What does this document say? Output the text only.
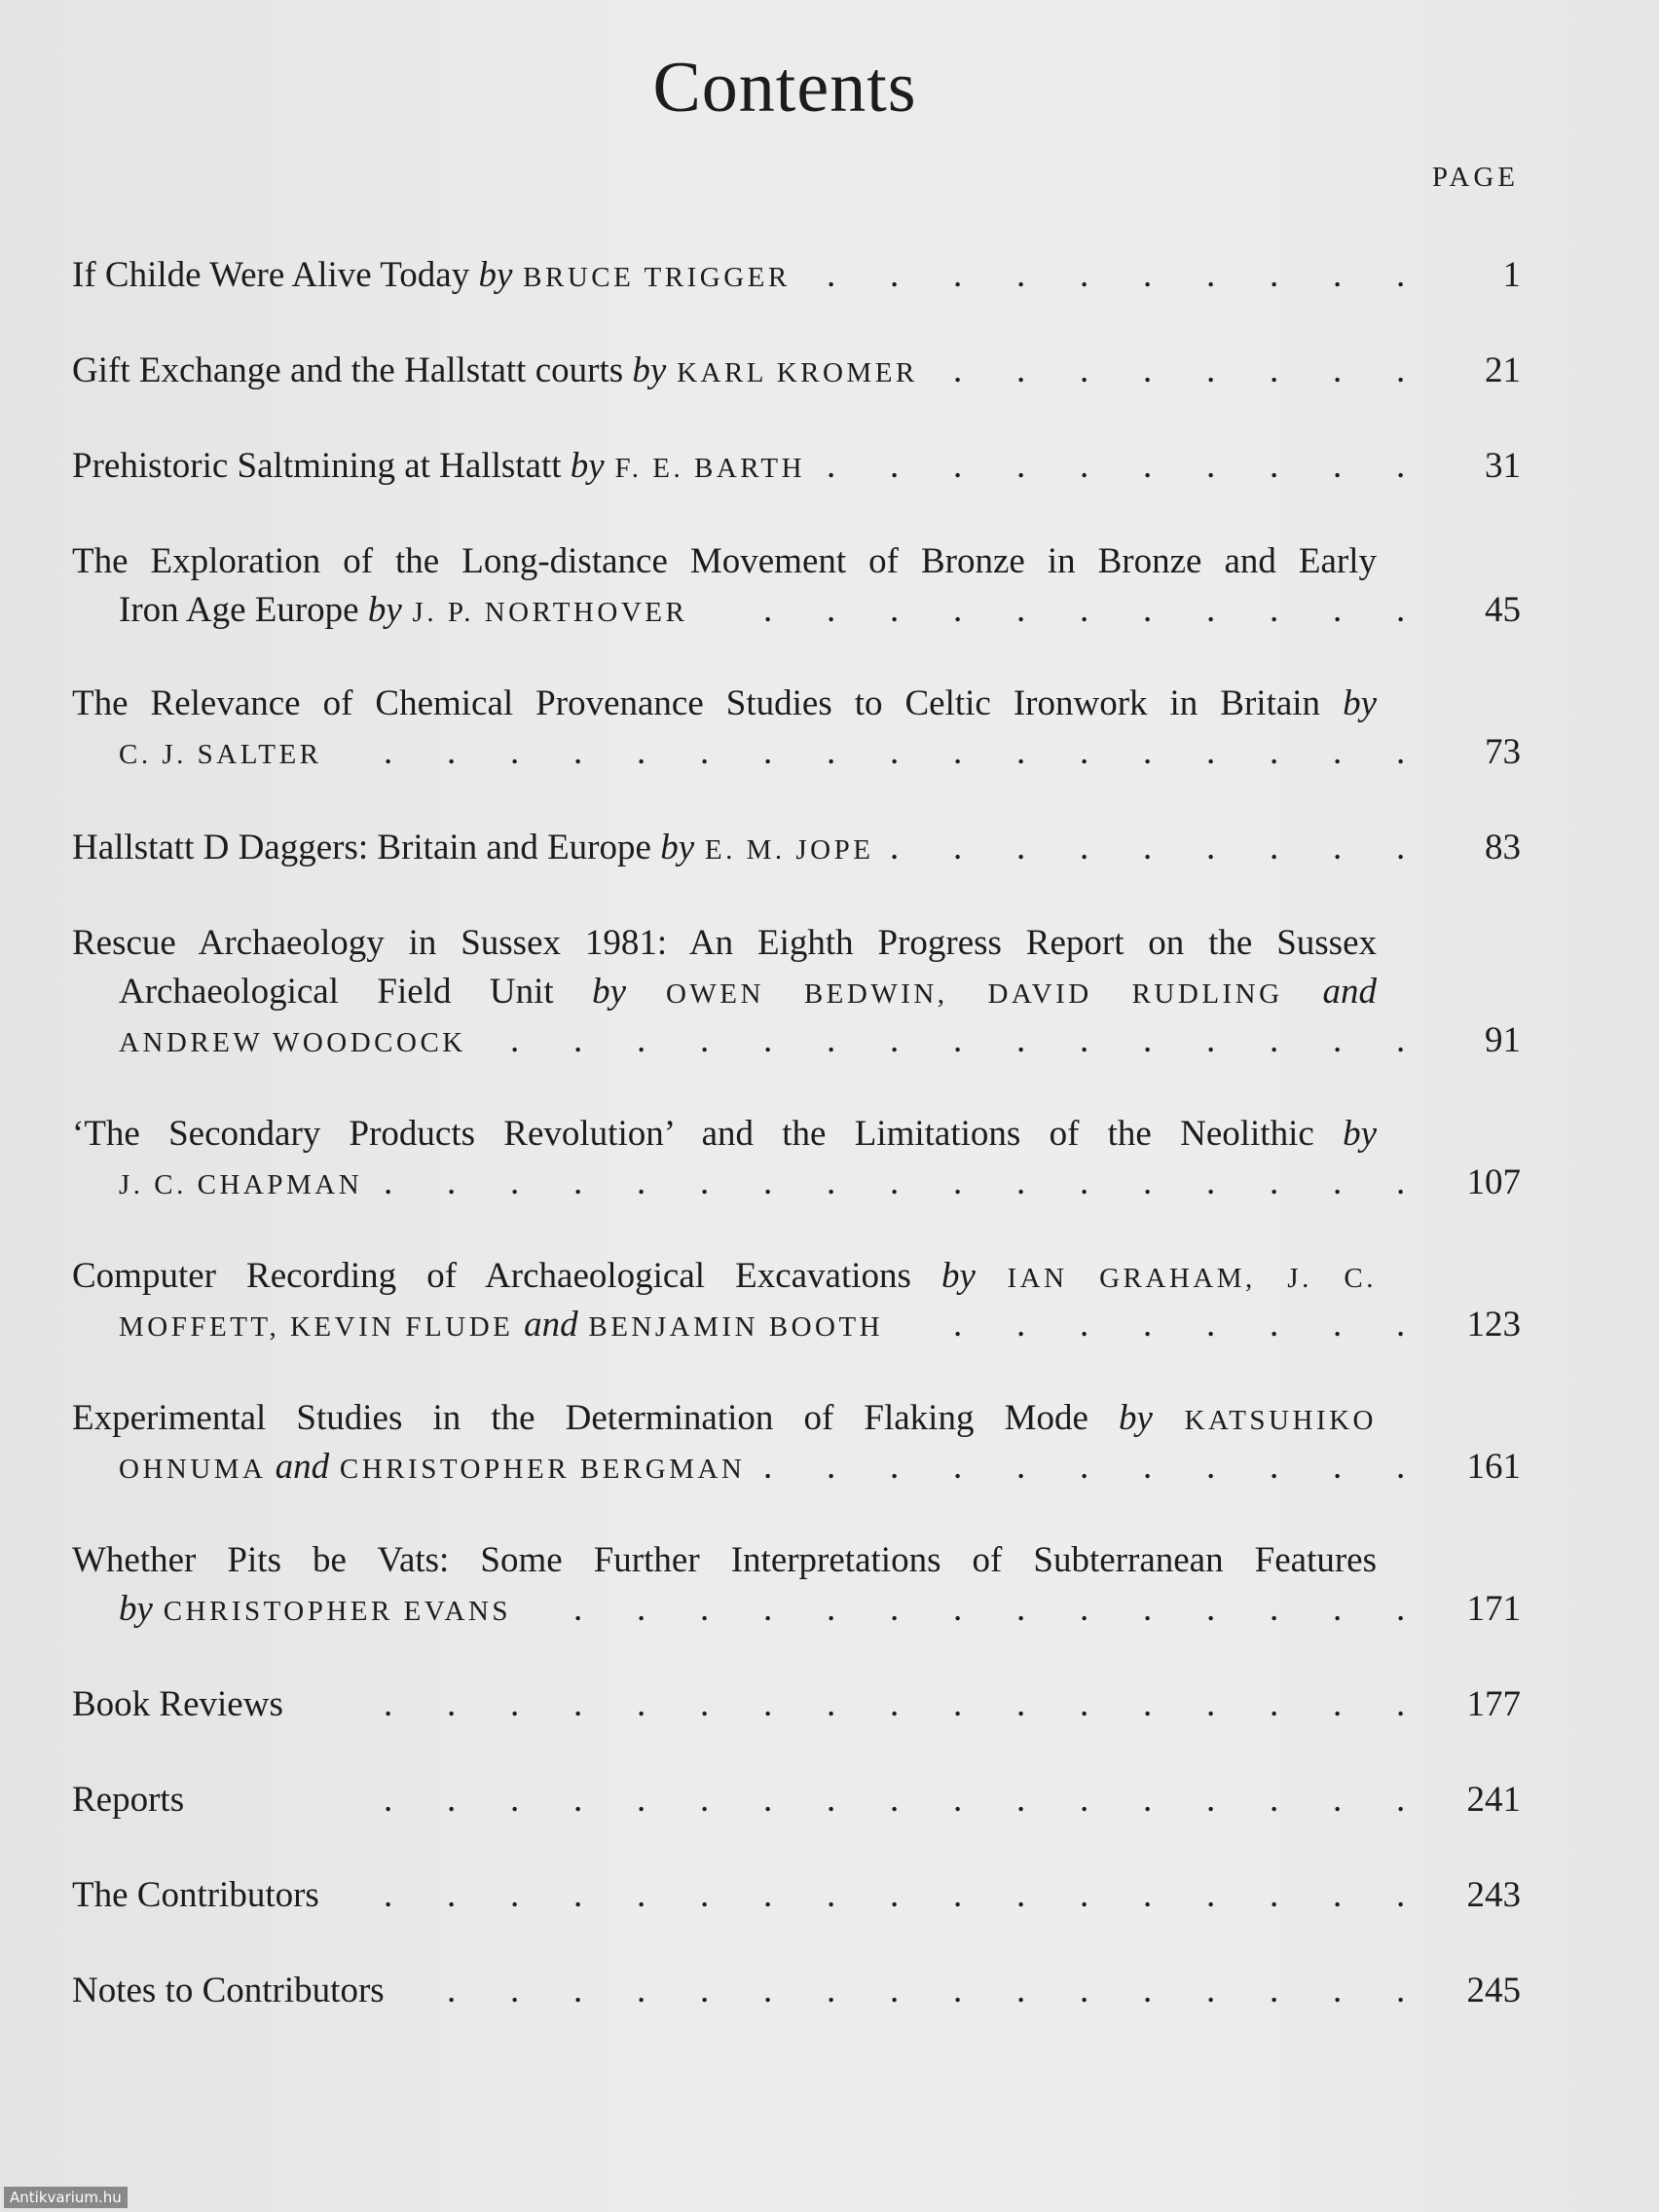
Contents
PAGE
If Childe Were Alive Today by BRUCE TRIGGER . . . . . . . . . .	1
Gift Exchange and the Hallstatt courts by KARL KROMER . . . . . . . . 21
Prehistoric Saltmining at Hallstatt by F. E. BARTH . . . . . . . . . . 31
The Exploration of the Long-distance Movement of Bronze in Bronze and Early
Iron Age Europe by J. P. NORTHOVER . . . . . . . . . . . 45
The Relevance of Chemical Provenance Studies to Celtic Ironwork in Britain by
C. J. SALTER . . . . . . . . . . . . . . . . . 73
Hallstatt D Daggers: Britain and Europe by E. M. JOPE . . . . . . . . . 83
Rescue Archaeology in Sussex 1981: An Eighth Progress Report on the Sussex
Archaeological Field Unit by OWEN BEDWIN, DAVID RUDLING and
ANDREW WOODCOCK . . . . . . . . . . . . . . . 91
‘The Secondary Products Revolution’ and the Limitations of the Neolithic by
J. C. CHAPMAN . . . . . . . . . . . . . . . . . 107
Computer Recording of Archaeological Excavations by IAN GRAHAM, J. C.
MOFFETT, KEVIN FLUDE and BENJAMIN BOOTH . . . . . . . . 123
Experimental Studies in the Determination of Flaking Mode by KATSUHIKO
OHNUMA and CHRISTOPHER BERGMAN . . . . . . . . . . . 161
Whether Pits be Vats: Some Further Interpretations of Subterranean Features
by CHRISTOPHER EVANS . . . . . . . . . . . . . . 171
Book Reviews	. . . . . . . . . . . . . . . . . 177
Reports	. . . . . . . . . . . . . . . . . 241
The Contributors . . . . . . . . . . . . . . . . . 243
Notes to Contributors . . . . . . . . . . . . . . . . 245
Antikvarium.hu
